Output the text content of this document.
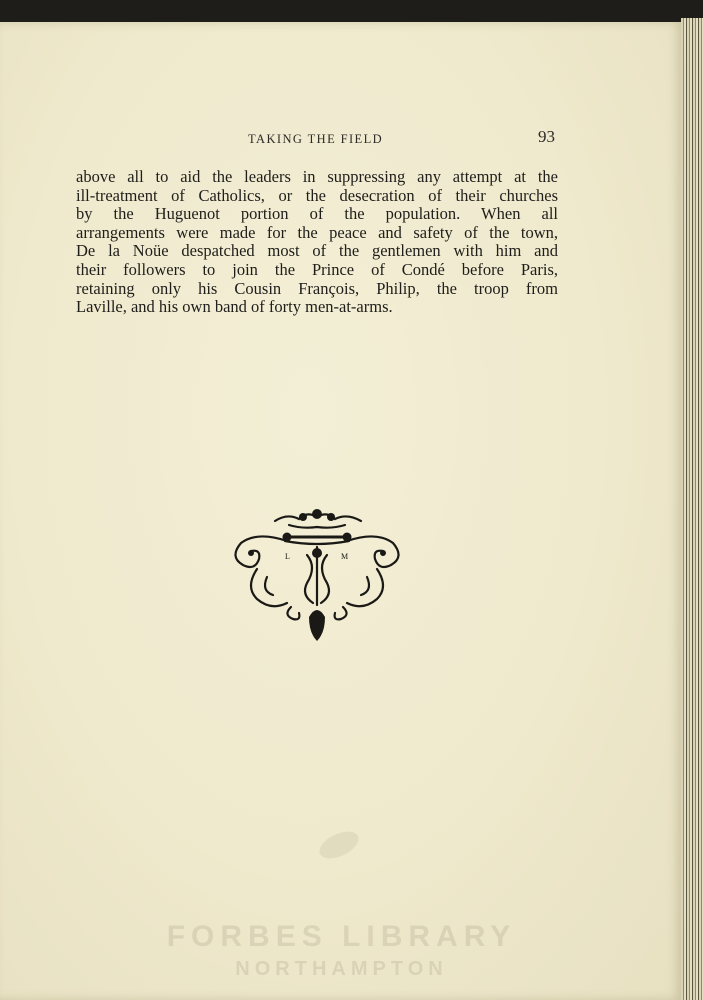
TAKING THE FIELD	93
above all to aid the leaders in suppressing any attempt at the
ill-treatment of Catholics, or the desecration of their churches
by the Huguenot portion of the population. When all
arrangements were made for the peace and safety of the town,
De la Noüe despatched most of the gentlemen with him and
their followers to join the Prince of Condé before Paris,
retaining only his Cousin François, Philip, the troop from
Laville, and his own band of forty men-at-arms.
L	M
FORBES LIBRARY
NORTHAMPTON
